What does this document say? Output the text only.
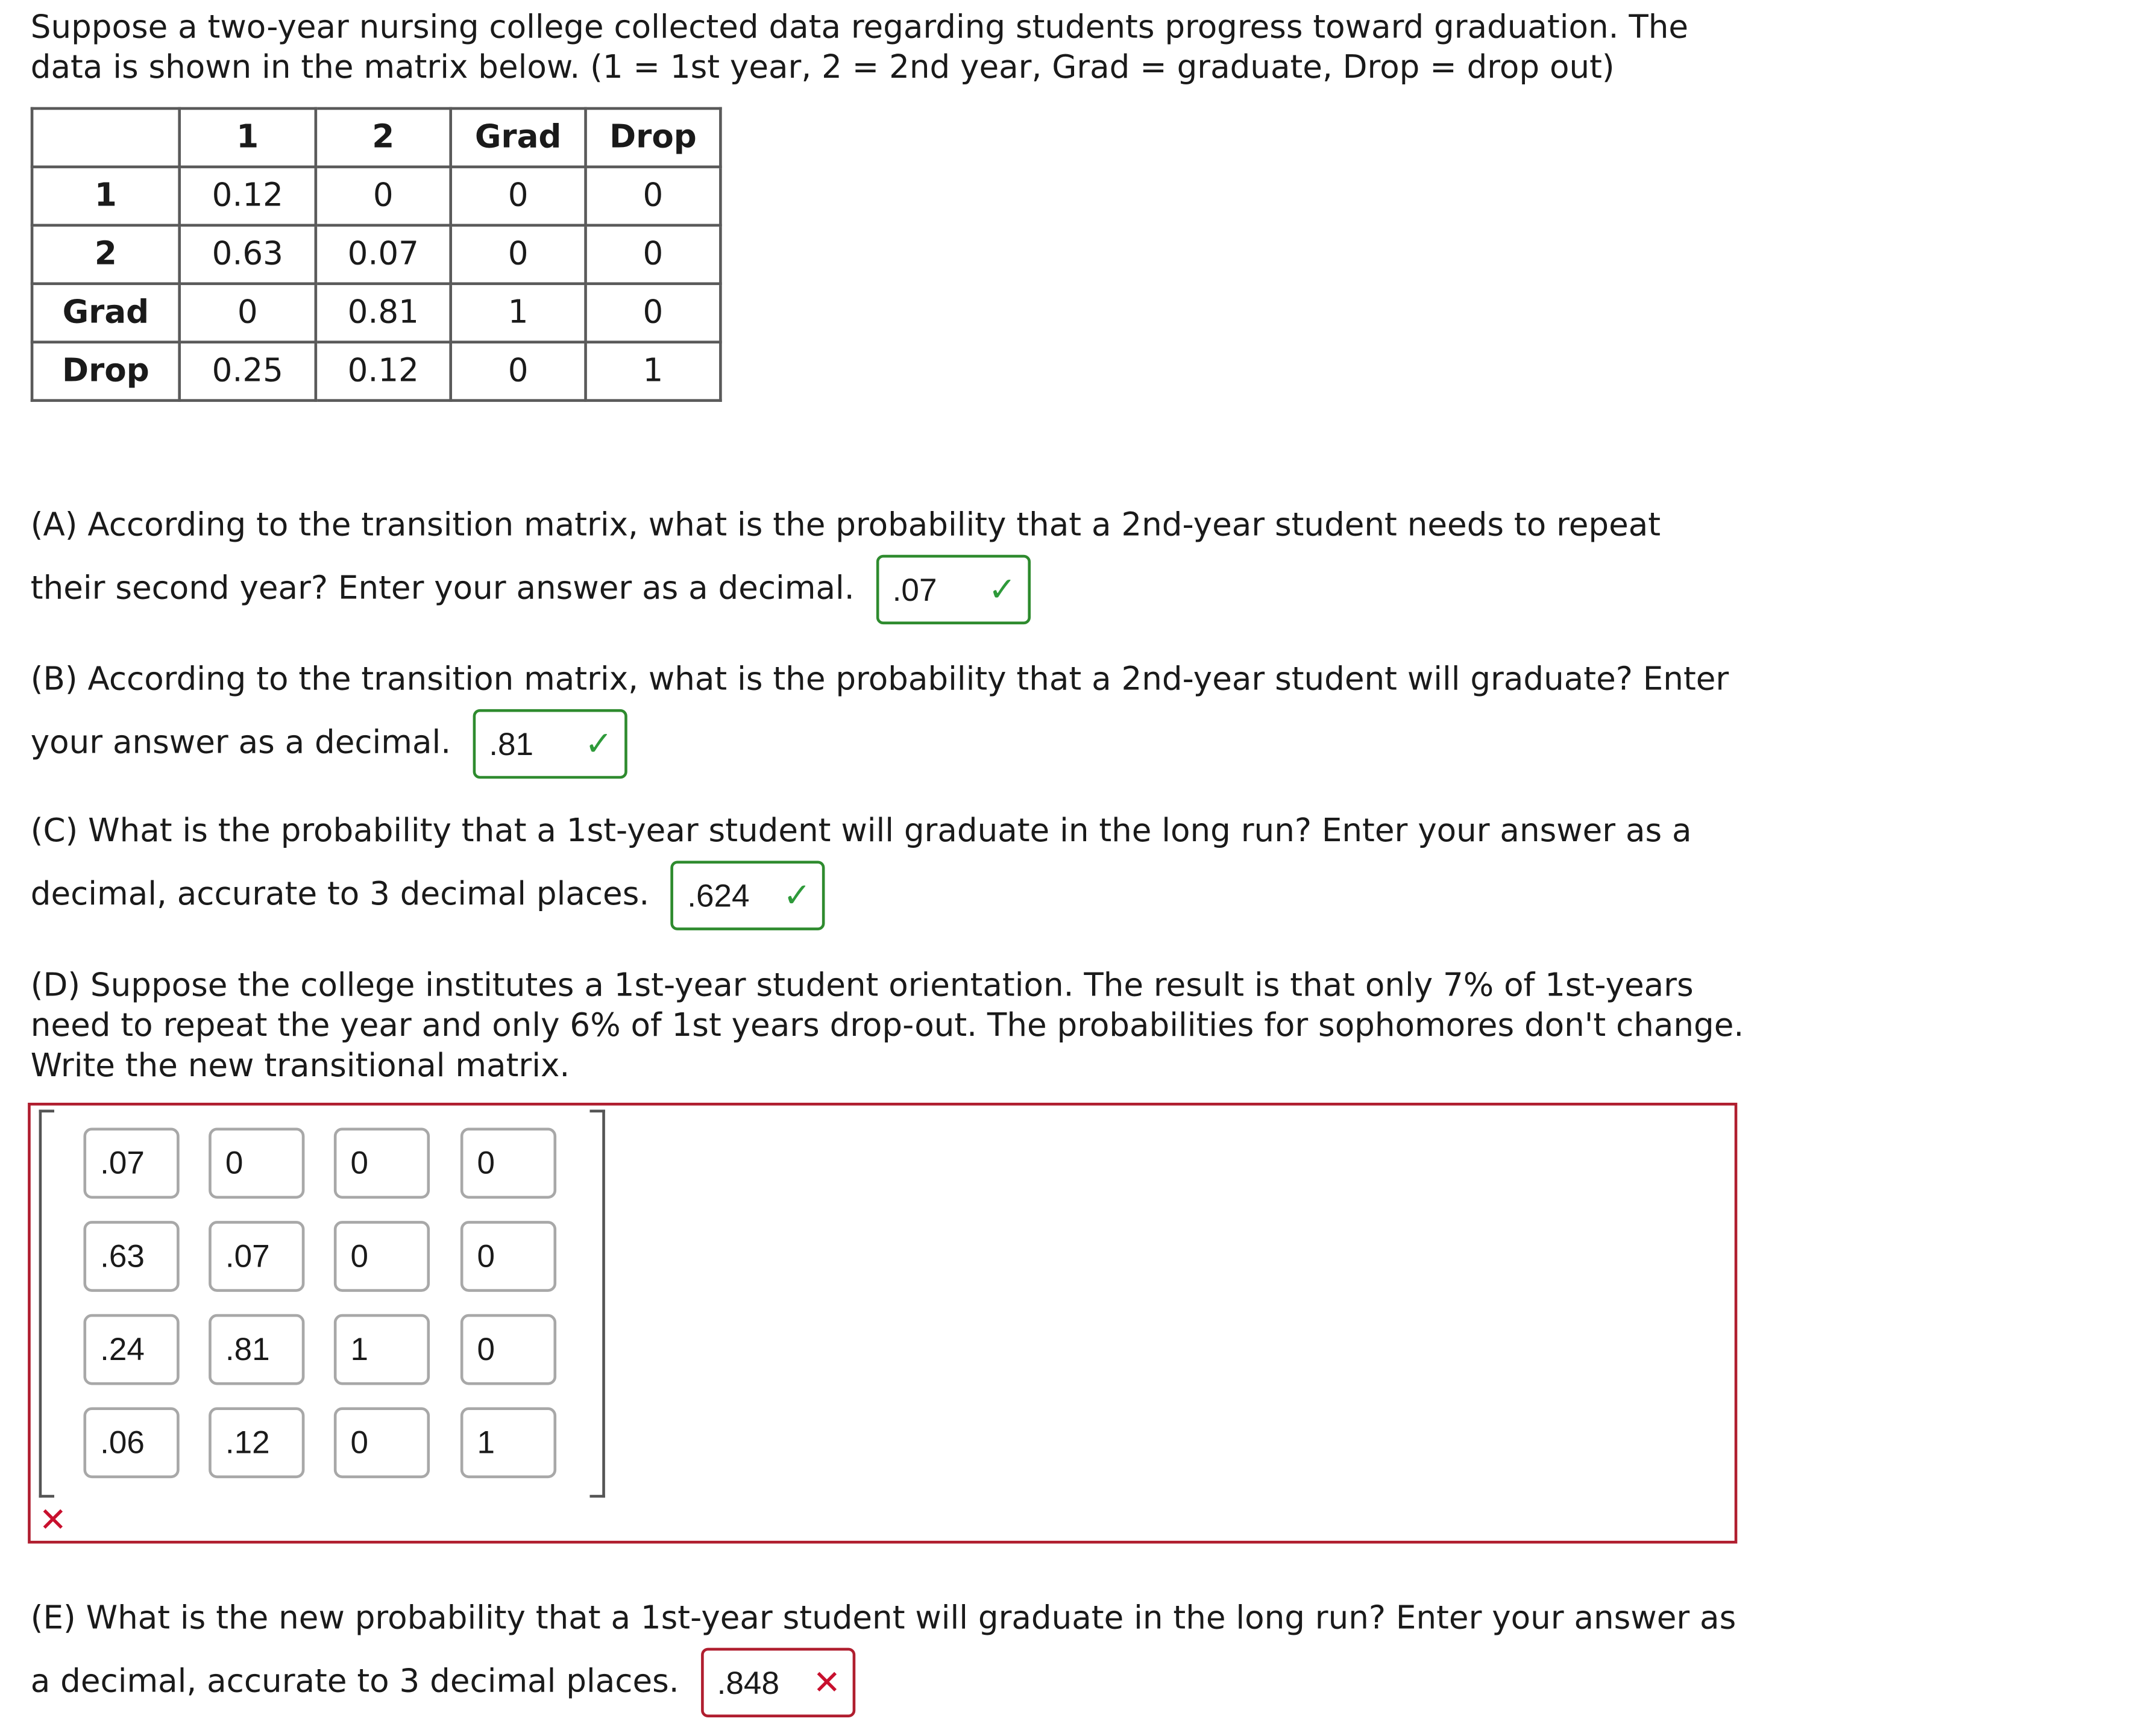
Suppose a two-year nursing college collected data regarding students progress toward graduation. The
data is shown in the matrix below. (1 = 1st year, 2 = 2nd year, Grad = graduate, Drop = drop out)

	1	2	Grad	Drop
1	0.12	0	0	0
2	0.63	0.07	0	0
Grad	0	0.81	1	0
Drop	0.25	0.12	0	1
(A) According to the transition matrix, what is the probability that a 2nd-year student needs to repeat
their second year? Enter your answer as a decimal.	.07	✓
(B) According to the transition matrix, what is the probability that a 2nd-year student will graduate? Enter
your answer as a decimal.	.81	✓
(C) What is the probability that a 1st-year student will graduate in the long run? Enter your answer as a
decimal, accurate to 3 decimal places.	.624 ✓

(D) Suppose the college institutes a 1st-year student orientation. The result is that only 7% of 1st-years
need to repeat the year and only 6% of 1st years drop-out. The probabilities for sophomores don't change.
Write the new transitional matrix.

.07	0	0	0
.63	.07	0	0
.24	.81	1	0
.06	.12	0	1
✕
(E) What is the new probability that a 1st-year student will graduate in the long run? Enter your answer as
a decimal, accurate to 3 decimal places.	.848 ✕
